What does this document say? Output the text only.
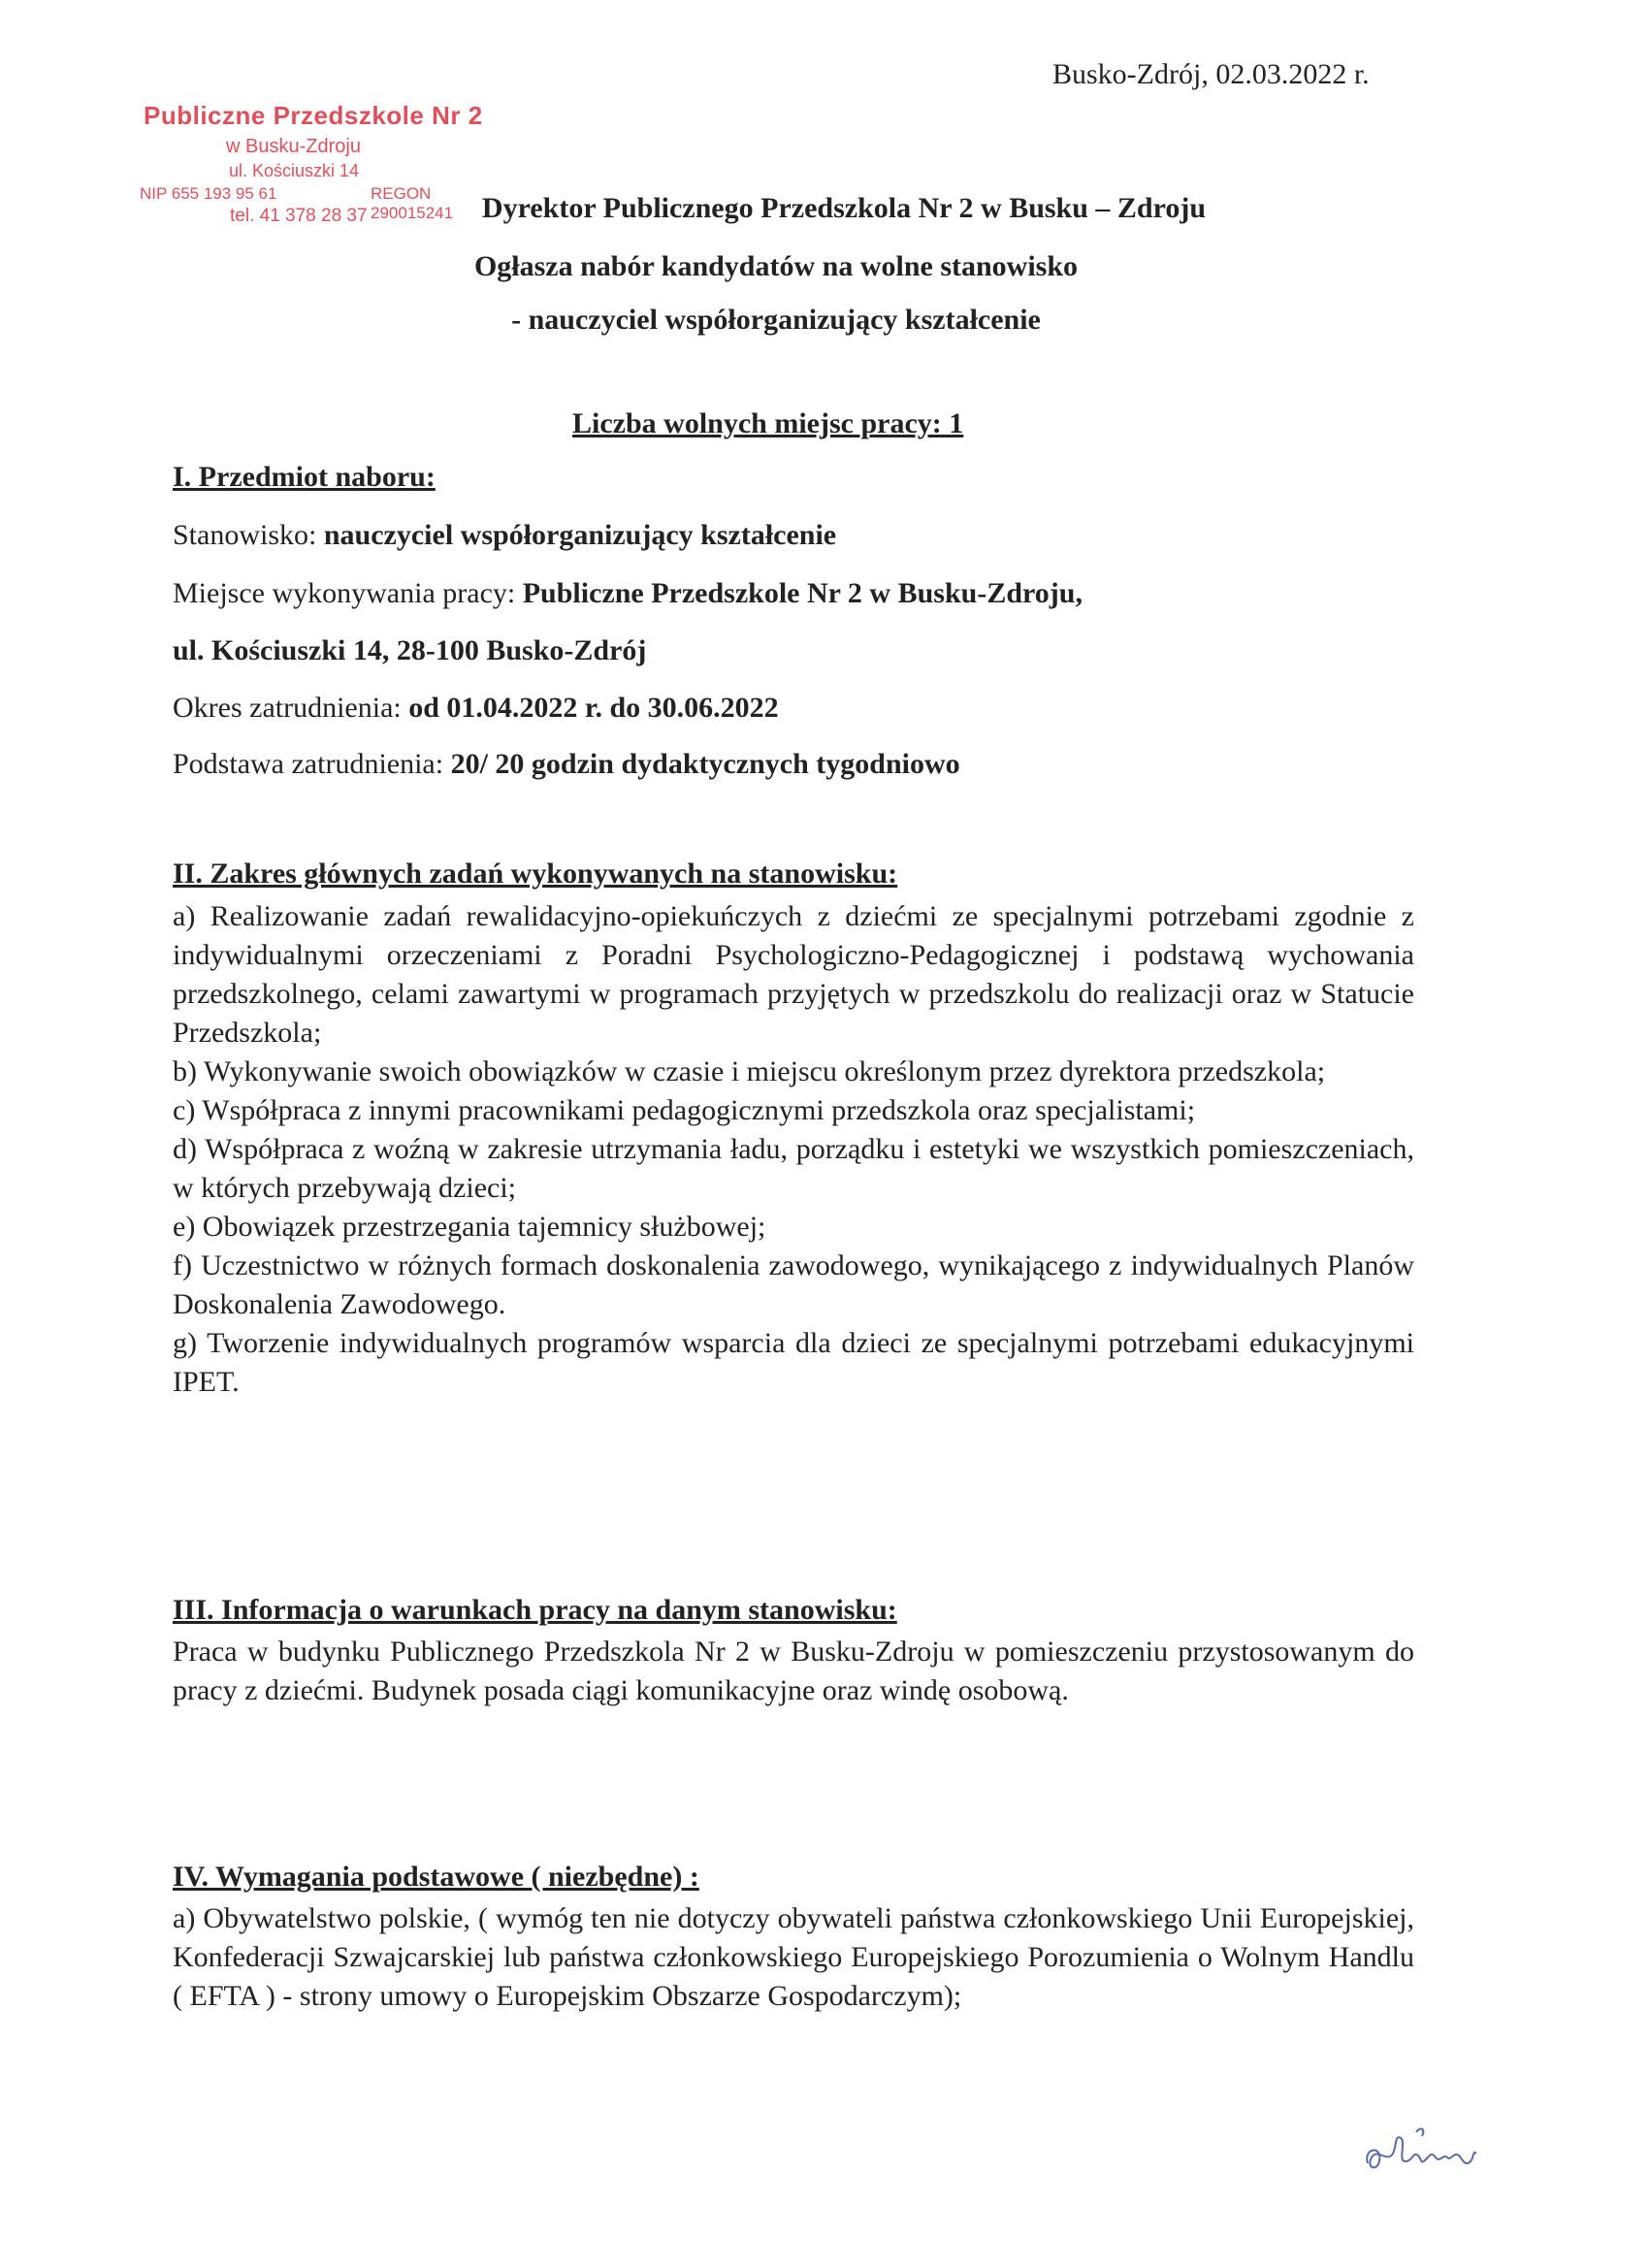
Busko-Zdrój, 02.03.2022 r.
Publiczne Przedszkole Nr 2
w Busku-Zdroju
ul. Kościuszki 14
NIP 655 193 95 61	REGON 290015241
tel. 41 378 28 37	Dyrektor Publicznego Przedszkola Nr 2 w Busku – Zdroju
Ogłasza nabór kandydatów na wolne stanowisko
- nauczyciel współorganizujący kształcenie
Liczba wolnych miejsc pracy: 1
I. Przedmiot naboru:
Stanowisko: nauczyciel współorganizujący kształcenie
Miejsce wykonywania pracy: Publiczne Przedszkole Nr 2 w Busku-Zdroju,
ul. Kościuszki 14, 28-100 Busko-Zdrój
Okres zatrudnienia: od 01.04.2022 r. do 30.06.2022
Podstawa zatrudnienia: 20/ 20 godzin dydaktycznych tygodniowo
II. Zakres głównych zadań wykonywanych na stanowisku:

a) Realizowanie zadań rewalidacyjno-opiekuńczych z dziećmi ze specjalnymi potrzebami zgodnie z indywidualnymi orzeczeniami z Poradni Psychologiczno-Pedagogicznej i podstawą wychowania przedszkolnego, celami zawartymi w programach przyjętych w przedszkolu do realizacji oraz w Statucie Przedszkola;

b) Wykonywanie swoich obowiązków w czasie i miejscu określonym przez dyrektora przedszkola;

c) Współpraca z innymi pracownikami pedagogicznymi przedszkola oraz specjalistami;

d) Współpraca z woźną w zakresie utrzymania ładu, porządku i estetyki we wszystkich pomieszczeniach, w których przebywają dzieci;

e) Obowiązek przestrzegania tajemnicy służbowej;

f) Uczestnictwo w różnych formach doskonalenia zawodowego, wynikającego z indywidualnych Planów Doskonalenia Zawodowego.

g) Tworzenie indywidualnych programów wsparcia dla dzieci ze specjalnymi potrzebami edukacyjnymi IPET.

III. Informacja o warunkach pracy na danym stanowisku:

Praca w budynku Publicznego Przedszkola Nr 2 w Busku-Zdroju w pomieszczeniu przystosowanym do pracy z dziećmi. Budynek posada ciągi komunikacyjne oraz windę osobową.

IV. Wymagania podstawowe ( niezbędne) :

a) Obywatelstwo polskie, ( wymóg ten nie dotyczy obywateli państwa członkowskiego Unii Europejskiej, Konfederacji Szwajcarskiej lub państwa członkowskiego Europejskiego Porozumienia o Wolnym Handlu ( EFTA ) - strony umowy o Europejskim Obszarze Gospodarczym);
